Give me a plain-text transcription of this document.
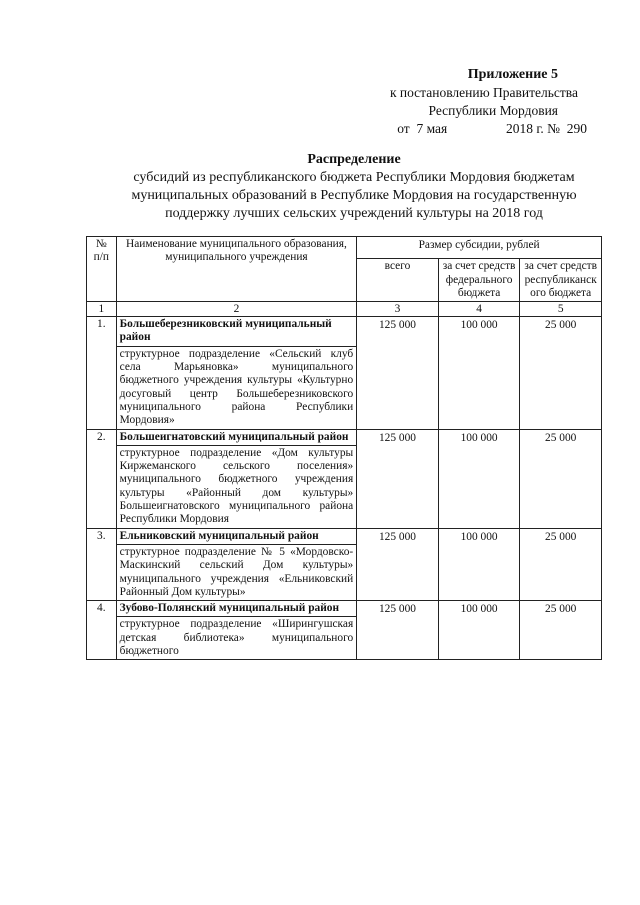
Приложение 5
к постановлению Правительства
Республики Мордовия
от 7 мая	2018 г. № 290
Распределение
субсидий из республиканского бюджета Республики Мордовия бюджетам
муниципальных образований в Республике Мордовия на государственную
поддержку лучших сельских учреждений культуры на 2018 год
№ п/п	Наименование муниципального образования, муниципального учреждения	Размер субсидии, рублей		
		всего	за счет средств федерального бюджета	за счет средств республиканского бюджета
1	2	3	4	5
1.	Большеберезниковский муниципальный район
структурное подразделение «Сельский клуб села Марьяновка» муниципального бюджетного учреждения культуры «Культурно досуговый центр Большеберезниковского муниципального района Республики Мордовия»	125 000	100 000	25 000
2.	Большеигнатовский муниципальный район
структурное подразделение «Дом культуры Киржеманского сельского поселения» муниципального бюджетного учреждения культуры «Районный дом культуры» Большеигнатовского муниципального района Республики Мордовия	125 000	100 000	25 000
3.	Ельниковский муниципальный район
структурное подразделение № 5 «Мордовско-Маскинский сельский Дом культуры» муниципального учреждения «Ельниковский Районный Дом культуры»	125 000	100 000	25 000
4.	Зубово-Полянский муниципальный район
структурное подразделение «Ширингушская детская библиотека» муниципального бюджетного	125 000	100 000	25 000
